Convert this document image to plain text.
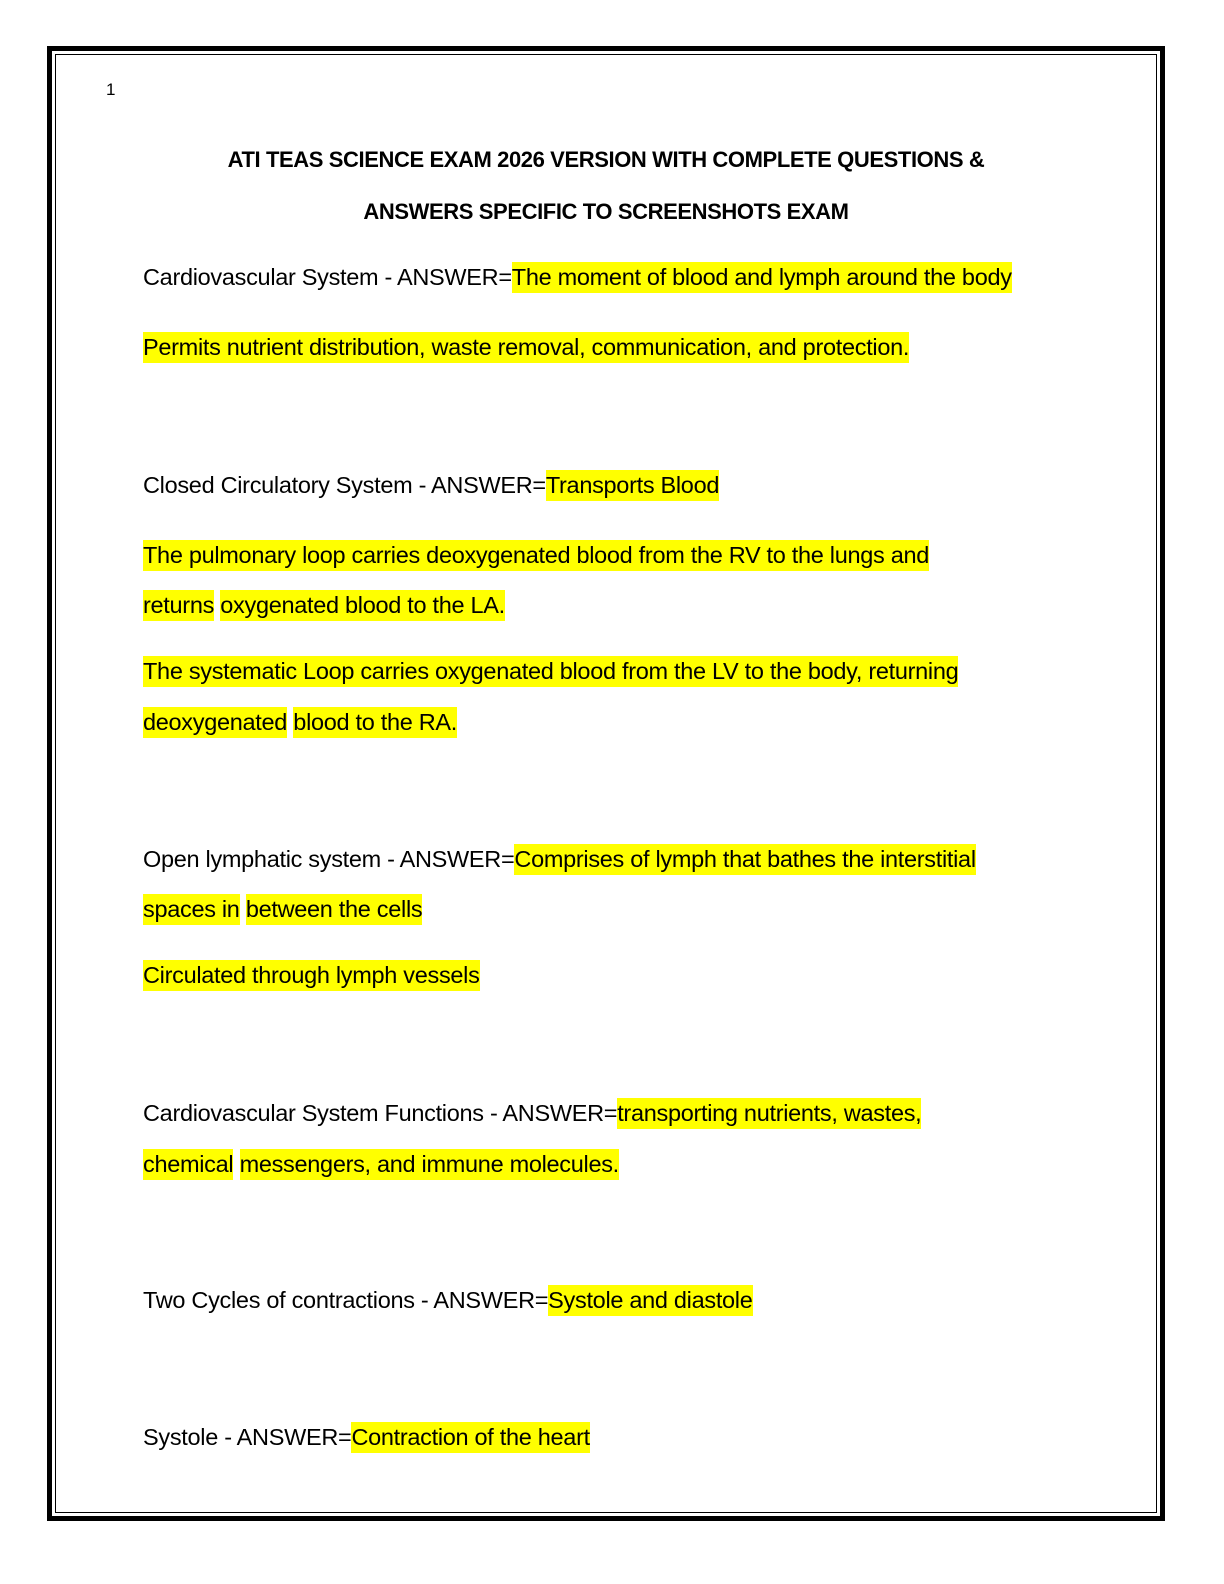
1
ATI TEAS SCIENCE EXAM 2026 VERSION WITH COMPLETE QUESTIONS &
ANSWERS SPECIFIC TO SCREENSHOTS EXAM
Cardiovascular System - ANSWER=The moment of blood and lymph around the body
Permits nutrient distribution, waste removal, communication, and protection.
Closed Circulatory System - ANSWER=Transports Blood
The pulmonary loop carries deoxygenated blood from the RV to the lungs and
returns oxygenated blood to the LA.
The systematic Loop carries oxygenated blood from the LV to the body, returning
deoxygenated blood to the RA.
Open lymphatic system - ANSWER=Comprises of lymph that bathes the interstitial
spaces in between the cells
Circulated through lymph vessels
Cardiovascular System Functions - ANSWER=transporting nutrients, wastes,
chemical messengers, and immune molecules.
Two Cycles of contractions - ANSWER=Systole and diastole
Systole - ANSWER=Contraction of the heart
